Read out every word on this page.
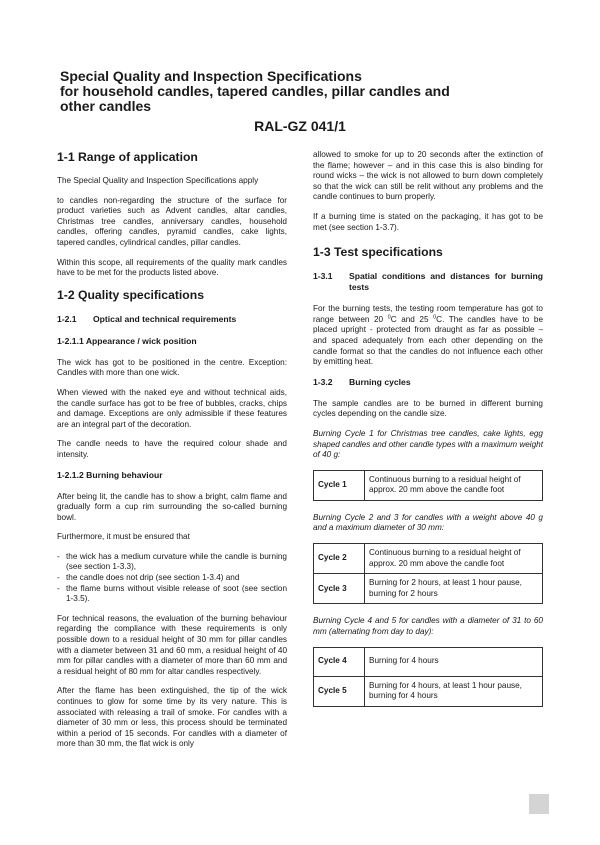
Special Quality and Inspection Specifications

for household candles, tapered candles, pillar candles and

other candles

RAL-GZ 041/1
1-1 Range of application

The Special Quality and Inspection Specifications apply

to candles non-regarding the structure of the surface for product varieties such as Advent candles, altar candles, Christmas tree candles, anniversary candles, household candles, offering candles, pyramid candles, cake lights, tapered candles, cylindrical candles, pillar candles.

Within this scope, all requirements of the quality mark candles have to be met for the products listed above.

1-2 Quality specifications
1-2.1 Optical and technical requirements
1-2.1.1 Appearance / wick position

The wick has got to be positioned in the centre. Exception: Candles with more than one wick.

When viewed with the naked eye and without technical aids, the candle surface has got to be free of bubbles, cracks, chips and damage. Exceptions are only admissible if these features are an integral part of the decoration.

The candle needs to have the required colour shade and intensity.

1-2.1.2 Burning behaviour

After being lit, the candle has to show a bright, calm flame and gradually form a cup rim surrounding the so-called burning bowl.

Furthermore, it must be ensured that

- the wick has a medium curvature while the candle is burning (see section 1-3.3),
- the candle does not drip (see section 1-3.4) and
- the flame burns without visible release of soot (see section 1-3.5).

For technical reasons, the evaluation of the burning behaviour regarding the compliance with these requirements is only possible down to a residual height of 30 mm for pillar candles with a diameter between 31 and 60 mm, a residual height of 40 mm for pillar candles with a diameter of more than 60 mm and a residual height of 80 mm for altar candles respectively.

After the flame has been extinguished, the tip of the wick continues to glow for some time by its very nature. This is associated with releasing a trail of smoke. For candles with a diameter of 30 mm or less, this process should be terminated within a period of 15 seconds. For candles with a diameter of more than 30 mm, the flat wick is only

allowed to smoke for up to 20 seconds after the extinction of the flame; however – and in this case this is also binding for round wicks – the wick is not allowed to burn down completely so that the wick can still be relit without any problems and the candle continues to burn properly.

If a burning time is stated on the packaging, it has got to be met (see section 1-3.7).

1-3 Test specifications
1-3.1	Spatial conditions and distances for burning tests

For the burning tests, the testing room temperature has got to range between 20 $^0$C and 25 $^0$C. The candles have to be placed upright - protected from draught as far as possible – and spaced adequately from each other depending on the candle format so that the candles do not influence each other by emitting heat.

1-3.2 Burning cycles

The sample candles are to be burned in different burning cycles depending on the candle size.

Burning Cycle 1 for Christmas tree candles, cake lights, egg shaped candles and other candle types with a maximum weight of 40 g:

Cycle 1	Continuous burning to a residual height of approx. 20 mm above the candle foot

Burning Cycle 2 and 3 for candles with a weight above 40 g and a maximum diameter of 30 mm:

Cycle 2	Continuous burning to a residual height of approx. 20 mm above the candle foot
Cycle 3	Burning for 2 hours, at least 1 hour pause, burning for 2 hours

Burning Cycle 4 and 5 for candles with a diameter of 31 to 60 mm (alternating from day to day):

Cycle 4	Burning for 4 hours
Cycle 5	Burning for 4 hours, at least 1 hour pause, burning for 4 hours
